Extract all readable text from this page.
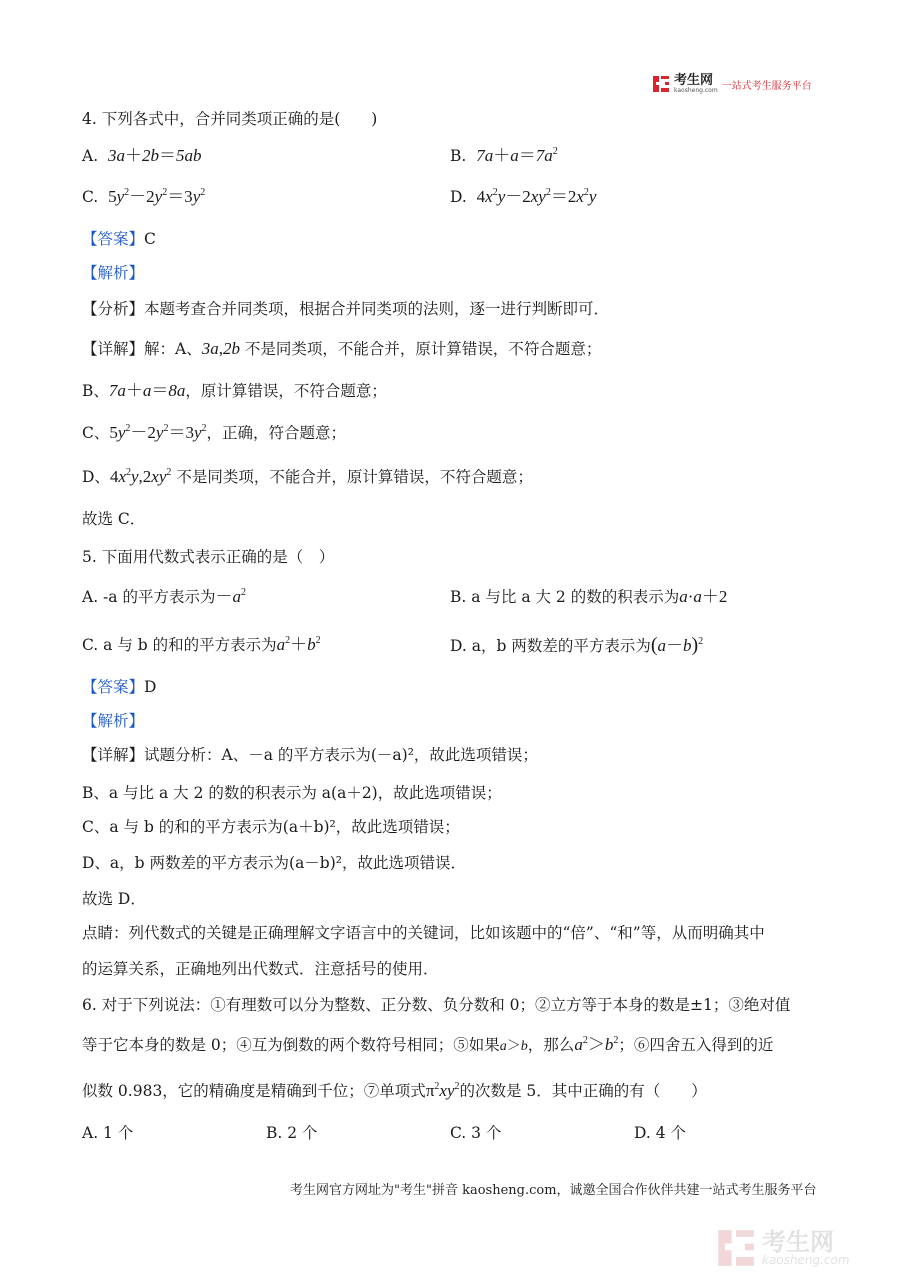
考生网
kaosheng.com 一站式考生服务平台
4. 下列各式中，合并同类项正确的是(　　)
A. 3a＋2b＝5ab	B. $7a+a=7a^2$
C. $5y^2-2y^2=3y^2$	D. $4x^2y-2xy^2=2x^2y$
【答案】C
【解析】
【分析】本题考查合并同类项，根据合并同类项的法则，逐一进行判断即可．
【详解】解：A、3a,2b 不是同类项，不能合并，原计算错误，不符合题意；
B、7a＋a＝8a，原计算错误，不符合题意；
C、$5y^2-2y^2=3y^2$，正确，符合题意；
D、$4x^2y,2xy^2$ 不是同类项，不能合并，原计算错误，不符合题意；
故选 C．
5. 下面用代数式表示正确的是（　）
A. -a 的平方表示为$-a^2$	B. a 与比 a 大 2 的数的积表示为a·a＋2
C. a 与 b 的和的平方表示为$a^2+b^2$	D. a，b 两数差的平方表示为$(a-b)^2$
【答案】D
【解析】
【详解】试题分析：A、－a 的平方表示为(－a)²，故此选项错误；
B、a 与比 a 大 2 的数的积表示为 a(a＋2)，故此选项错误；
C、a 与 b 的和的平方表示为(a＋b)²，故此选项错误；
D、a，b 两数差的平方表示为(a－b)²，故此选项错误．
故选 D．
点睛：列代数式的关键是正确理解文字语言中的关键词，比如该题中的“倍”、“和”等，从而明确其中
的运算关系，正确地列出代数式．注意括号的使用．
6. 对于下列说法：①有理数可以分为整数、正分数、负分数和 0；②立方等于本身的数是±1；③绝对值
等于它本身的数是 0；④互为倒数的两个数符号相同；⑤如果a＞b，那么$a^2>b^2$；⑥四舍五入得到的近
似数 0.983，它的精确度是精确到千位；⑦单项式$\pi^2xy^2$的次数是 5．其中正确的有（　　）
A. 1 个	B. 2 个	C. 3 个	D. 4 个
考生网官方网址为"考生"拼音 kaosheng.com，诚邀全国合作伙伴共建一站式考生服务平台
考生网
kaosheng.com
